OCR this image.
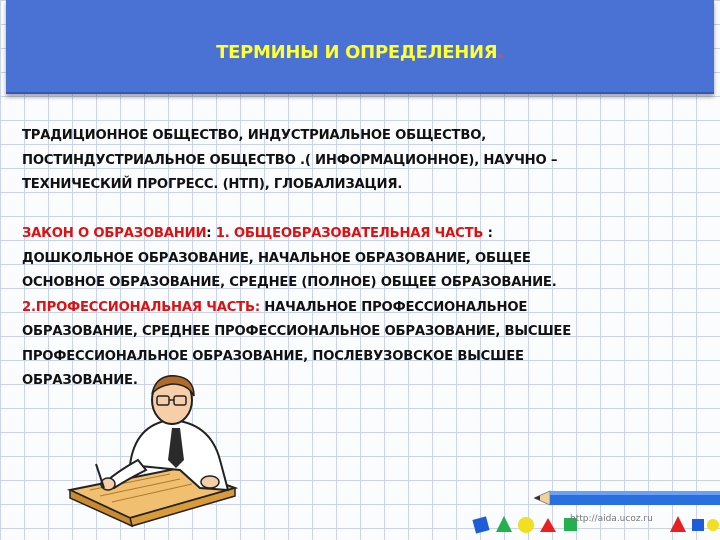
ТЕРМИНЫ И ОПРЕДЕЛЕНИЯ.
ТРАДИЦИОННОЕ ОБЩЕСТВО, ИНДУСТРИАЛЬНОЕ ОБЩЕСТВО,
ПОСТИНДУСТРИАЛЬНОЕ ОБЩЕСТВО .( ИНФОРМАЦИОННОЕ), НАУЧНО –
ТЕХНИЧЕСКИЙ ПРОГРЕСС. (НТП), ГЛОБАЛИЗАЦИЯ.
ЗАКОН О ОБРАЗОВАНИИ: 1. ОБЩЕОБРАЗОВАТЕЛЬНАЯ ЧАСТЬ :
ДОШКОЛЬНОЕ ОБРАЗОВАНИЕ, НАЧАЛЬНОЕ ОБРАЗОВАНИЕ, ОБЩЕЕ
ОСНОВНОЕ ОБРАЗОВАНИЕ, СРЕДНЕЕ (ПОЛНОЕ) ОБЩЕЕ ОБРАЗОВАНИЕ.
2.ПРОФЕССИОНАЛЬНАЯ ЧАСТЬ: НАЧАЛЬНОЕ ПРОФЕССИОНАЛЬНОЕ
ОБРАЗОВАНИЕ, СРЕДНЕЕ ПРОФЕССИОНАЛЬНОЕ ОБРАЗОВАНИЕ, ВЫСШЕЕ
ПРОФЕССИОНАЛЬНОЕ ОБРАЗОВАНИЕ, ПОСЛЕВУЗОВСКОЕ ВЫСШЕЕ
ОБРАЗОВАНИЕ.
http://aida.ucoz.ru
